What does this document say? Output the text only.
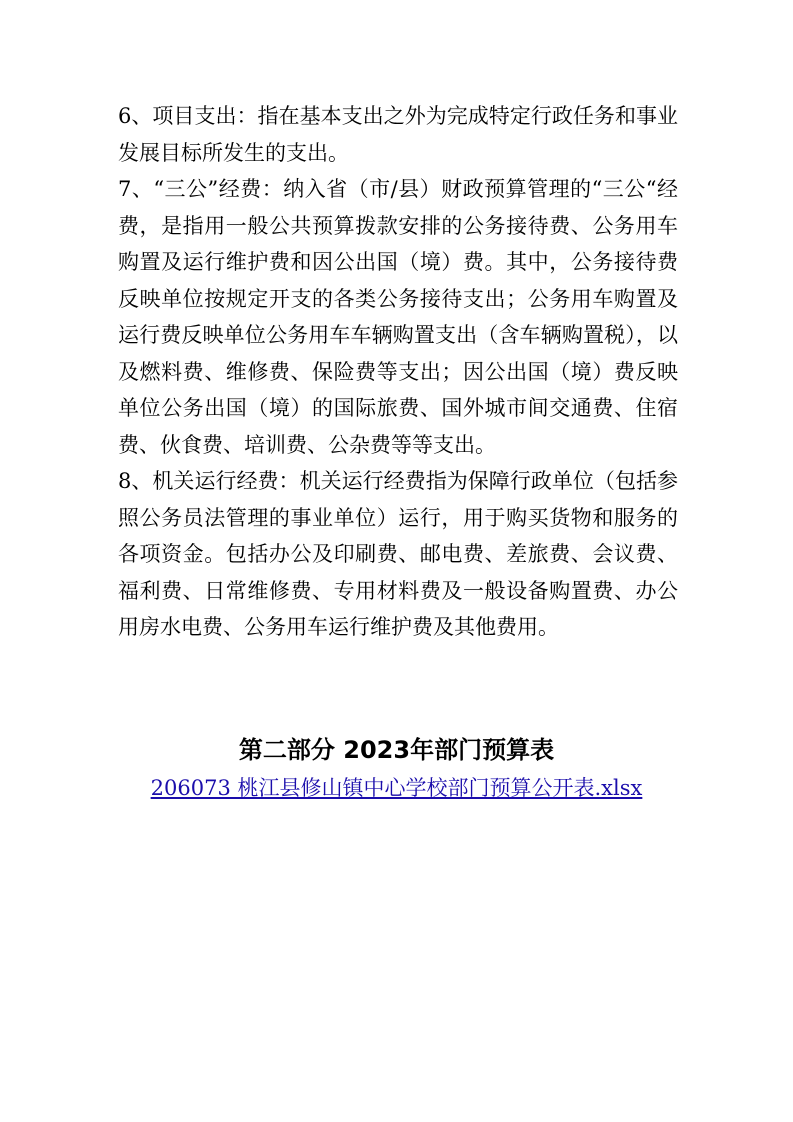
6、项目支出：指在基本支出之外为完成特定行政任务和事业发展目标所发生的支出。

7、“三公”经费：纳入省（市/县）财政预算管理的“三公“经费，是指用一般公共预算拨款安排的公务接待费、公务用车购置及运行维护费和因公出国（境）费。其中，公务接待费反映单位按规定开支的各类公务接待支出；公务用车购置及运行费反映单位公务用车车辆购置支出（含车辆购置税），以及燃料费、维修费、保险费等支出；因公出国（境）费反映单位公务出国（境）的国际旅费、国外城市间交通费、住宿费、伙食费、培训费、公杂费等等支出。

8、机关运行经费：机关运行经费指为保障行政单位（包括参照公务员法管理的事业单位）运行，用于购买货物和服务的各项资金。包括办公及印刷费、邮电费、差旅费、会议费、福利费、日常维修费、专用材料费及一般设备购置费、办公用房水电费、公务用车运行维护费及其他费用。

第二部分 2023年部门预算表
206073 桃江县修山镇中心学校部门预算公开表.xlsx
